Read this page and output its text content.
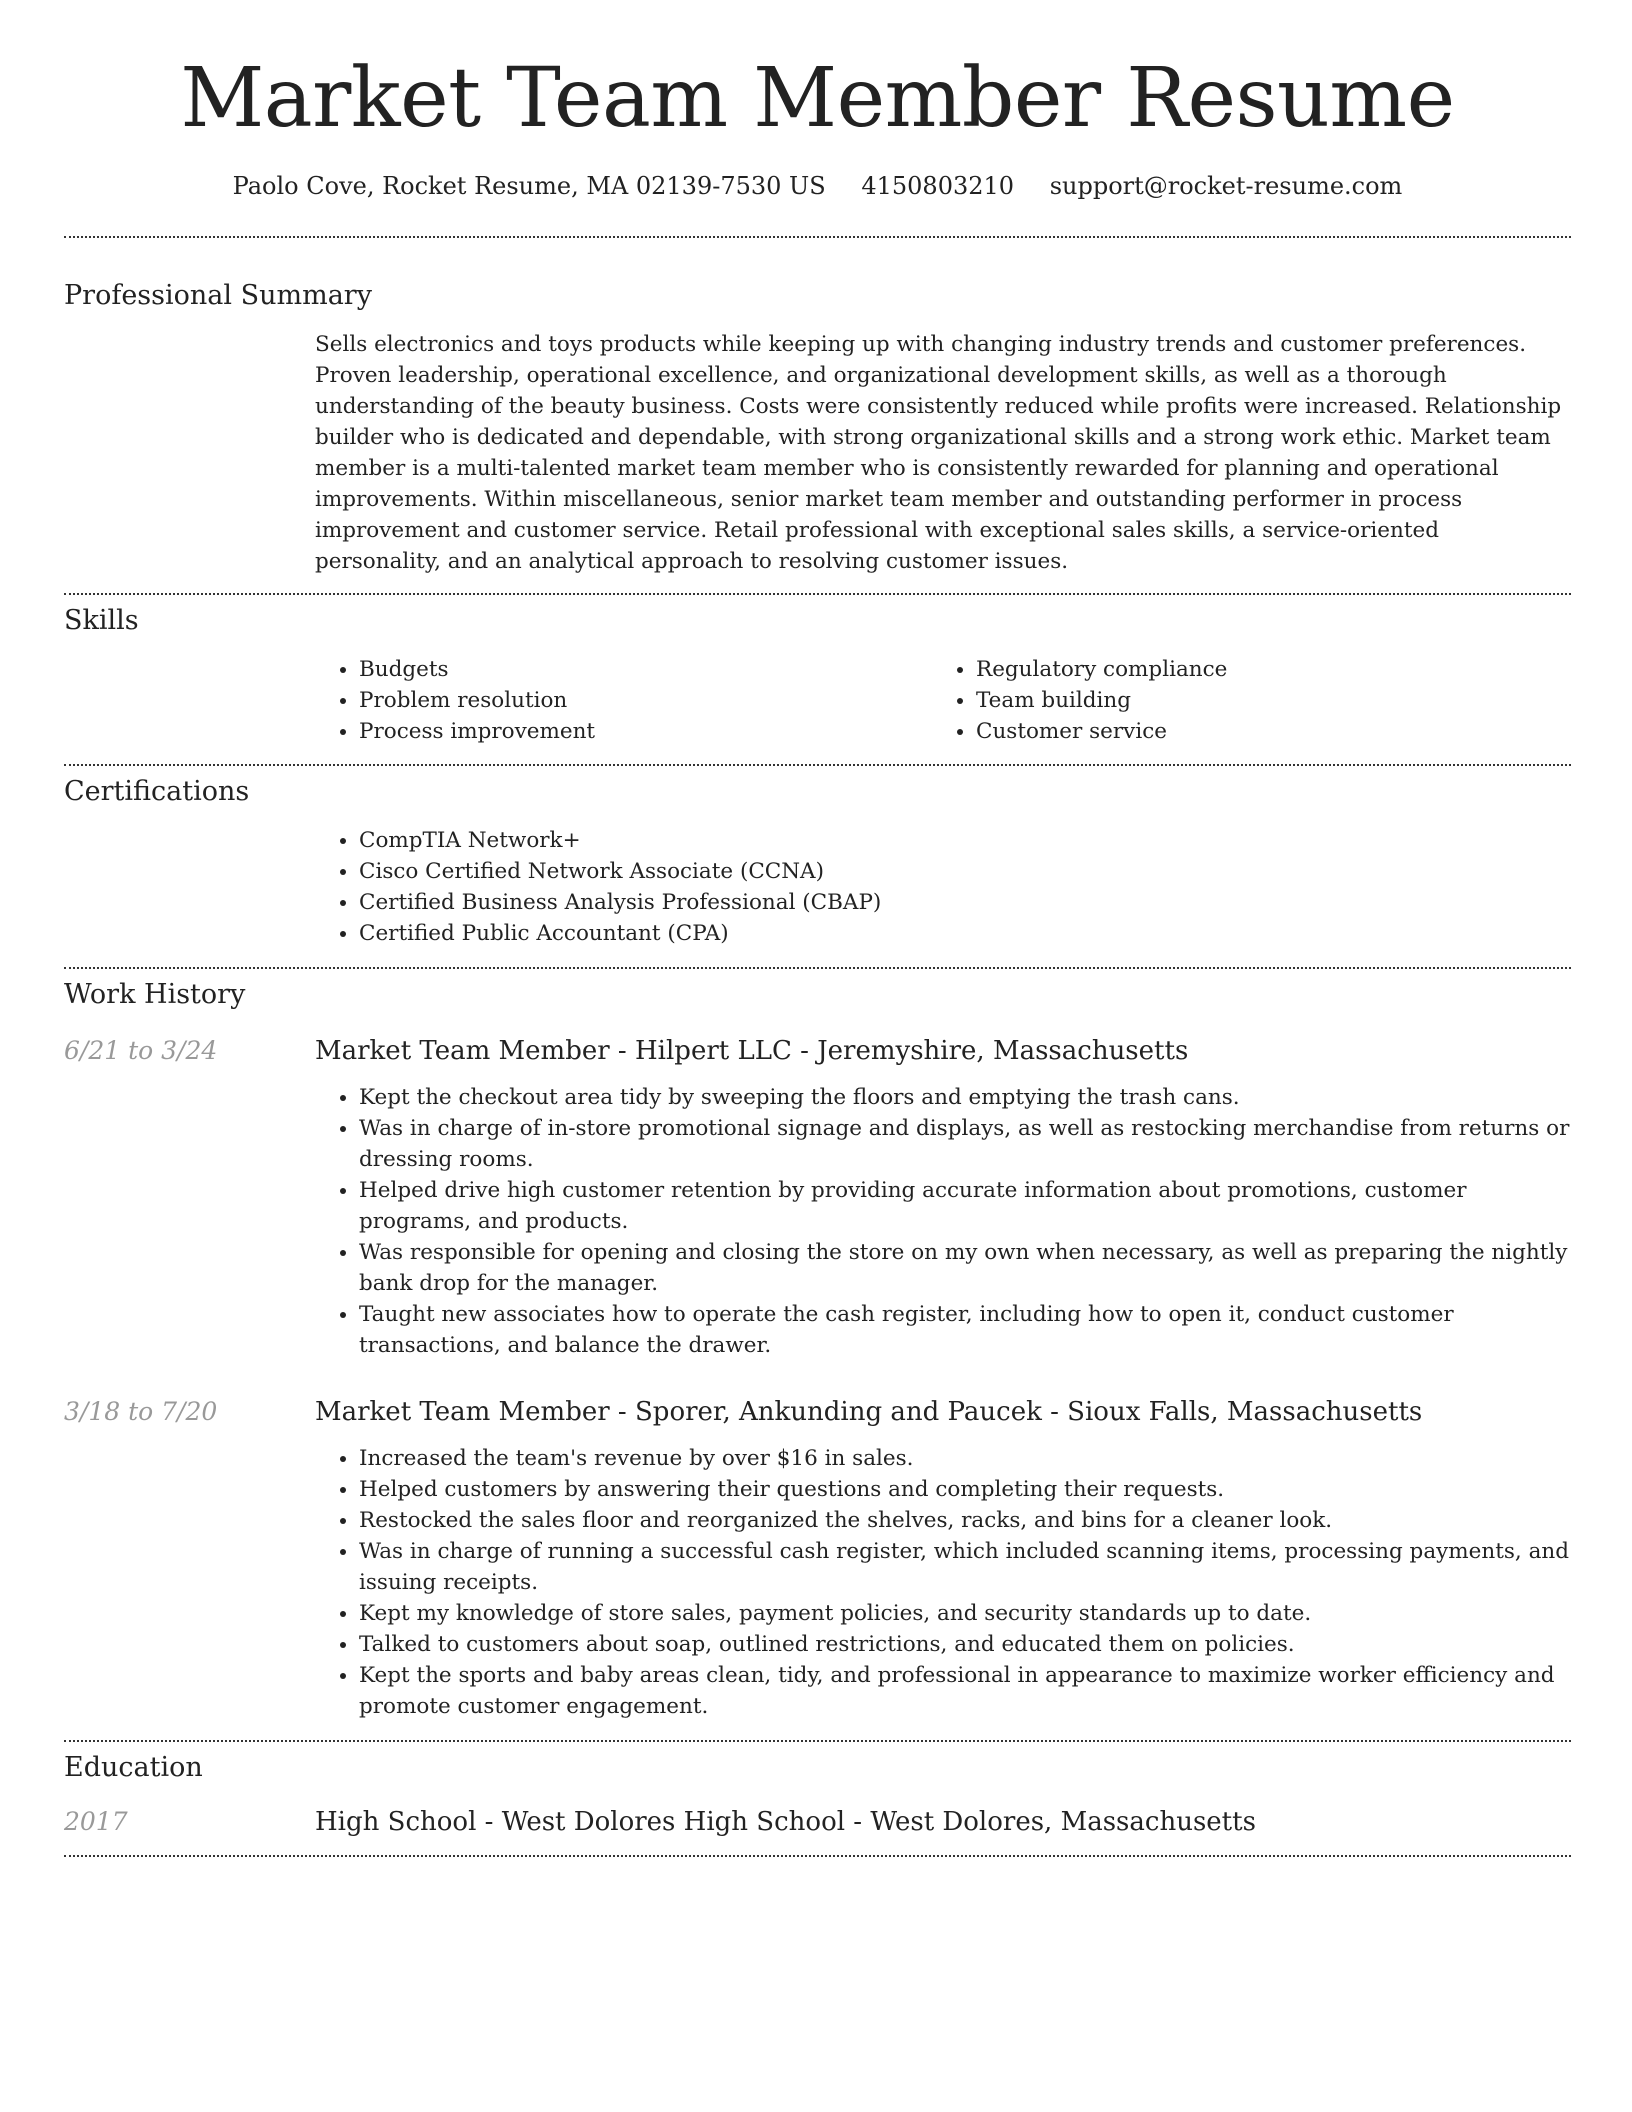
Market Team Member Resume
Paolo Cove, Rocket Resume, MA 02139-7530 US 4150803210 support@rocket-resume.com
Professional Summary

Sells electronics and toys products while keeping up with changing industry trends and customer preferences. Proven leadership, operational excellence, and organizational development skills, as well as a thorough understanding of the beauty business. Costs were consistently reduced while profits were increased. Relationship builder who is dedicated and dependable, with strong organizational skills and a strong work ethic. Market team member is a multi-talented market team member who is consistently rewarded for planning and operational improvements. Within miscellaneous, senior market team member and outstanding performer in process improvement and customer service. Retail professional with exceptional sales skills, a service-oriented personality, and an analytical approach to resolving customer issues.

Skills
• Budgets
• Problem resolution
• Process improvement
• Regulatory compliance
• Team building
• Customer service
Certifications
• CompTIA Network+
• Cisco Certified Network Associate (CCNA)
• Certified Business Analysis Professional (CBAP)
• Certified Public Accountant (CPA)
Work History
6/21 to 3/24	Market Team Member - Hilpert LLC - Jeremyshire, Massachusetts
• Kept the checkout area tidy by sweeping the floors and emptying the trash cans.
• Was in charge of in-store promotional signage and displays, as well as restocking merchandise from returns or dressing rooms.
• Helped drive high customer retention by providing accurate information about promotions, customer programs, and products.
• Was responsible for opening and closing the store on my own when necessary, as well as preparing the nightly bank drop for the manager.
• Taught new associates how to operate the cash register, including how to open it, conduct customer transactions, and balance the drawer.
3/18 to 7/20	Market Team Member - Sporer, Ankunding and Paucek - Sioux Falls, Massachusetts
• Increased the team's revenue by over $16 in sales.
• Helped customers by answering their questions and completing their requests.
• Restocked the sales floor and reorganized the shelves, racks, and bins for a cleaner look.
• Was in charge of running a successful cash register, which included scanning items, processing payments, and issuing receipts.
• Kept my knowledge of store sales, payment policies, and security standards up to date.
• Talked to customers about soap, outlined restrictions, and educated them on policies.
• Kept the sports and baby areas clean, tidy, and professional in appearance to maximize worker efficiency and promote customer engagement.
Education
2017	High School - West Dolores High School - West Dolores, Massachusetts
